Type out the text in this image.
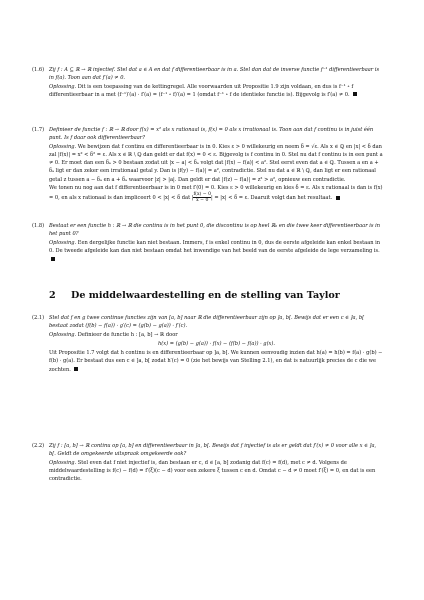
(1.6) Zij f : A ⊆ ℝ → ℝ injectief. Stel dat a ∈ A en dat f differentieerbaar is in a. Stel dan dat de inverse functie f⁻¹ differentieerbaar is in f(a). Toon aan dat f′(a) ≠ 0.

Oplossing. Dit is een toepassing van de kettingregel. Alle voorwaarden uit Propositie 1.9 zijn voldaan, en dus is f⁻¹ ∘ f differentieerbaar in a met (f⁻¹)′(a) · f′(a) = (f⁻¹ ∘ f)′(a) = 1 (omdat f⁻¹ ∘ f de identieke functie is). Bijgevolg is f′(a) ≠ 0.

(1.7) Definieer de functie f : ℝ → ℝ door f(x) = x² als x rationaal is, f(x) = 0 als x irrationaal is. Toon aan dat f continu is in juist één punt. Is f daar ook differentieerbaar?

Oplossing. We bewijzen dat f continu en differentieerbaar is in 0. Kies ε > 0 willekeurig en neem δ = √ε. Als x ∈ ℚ en |x| < δ dan zal |f(x)| = x² < δ² = ε. Als x ∈ ℝ \ ℚ dan geldt er dat f(x) = 0 < ε. Bijgevolg is f continu in 0. Stel nu dat f continu is in een punt a ≠ 0. Er moet dan een δₐ > 0 bestaan zodat uit |x − a| < δₐ volgt dat |f(x) − f(a)| < a². Stel eerst even dat a ∈ ℚ. Tussen a en a + δₐ ligt er dan zeker een irrationaal getal y. Dan is |f(y) − f(a)| = a², contradictie. Stel nu dat a ∈ ℝ \ ℚ, dan ligt er een rationaal getal z tussen a − δₐ en a + δₐ waarvoor |z| > |a|. Dan geldt er dat |f(z) − f(a)| = z² > a², opnieuw een contradictie.
We tonen nu nog aan dat f differentieerbaar is in 0 met f′(0) = 0. Kies ε > 0 willekeurig en kies δ = ε. Als x rationaal is dan is f(x) = 0, en als x rationaal is dan impliceert 0 < |x| < δ dat | $\frac{f(x) - 0}{x - 0}$ | = |x| < δ = ε. Daaruit volgt dan het resultaat.

(1.8) Bestaat er een functie h : ℝ → ℝ die continu is in het punt 0, die discontinu is op heel ℝ₀ en die twee keer differentieerbaar is in het punt 0?

Oplossing. Een dergelijke functie kan niet bestaan. Immers, f is enkel continu in 0, dus de eerste afgeleide kan enkel bestaan in 0. De tweede afgeleide kan dan niet bestaan omdat het inwendige van het beeld van de eerste afgeleide de lege verzameling is.

2 De middelwaardestelling en de stelling van Taylor
(2.1) Stel dat f en g twee continue functies zijn van [a, b] naar ℝ die differentieerbaar zijn op ]a, b[. Bewijs dat er een c ∈ ]a, b[ bestaat zodat (f(b) − f(a)) · g′(c) = (g(b) − g(a)) · f′(c).

Oplossing. Definieer de functie h : [a, b] → ℝ door

h(x) = (g(b) − g(a)) · f(x) − (f(b) − f(a)) · g(x).

Uit Propositie 1.7 volgt dat h continu is en differentieerbaar op ]a, b[. We kunnen eenvoudig inzien dat h(a) = h(b) = f(a) · g(b) − f(b) · g(a). Er bestaat dus een c ∈ ]a, b[ zodat h′(c) = 0 (zie het bewijs van Stelling 2.1), en dat is natuurlijk precies de c die we zochten.

(2.2) Zij f : [a, b] → ℝ continu op [a, b] en differentieerbaar in ]a, b[. Bewijs dat f injectief is als er geldt dat f′(x) ≠ 0 voor alle x ∈ ]a, b[. Geldt de omgekeerde uitspraak omgekeerde ook?

Oplossing. Stel even dat f niet injectief is, dan bestaan er c, d ∈ [a, b] zodanig dat f(c) = f(d), met c ≠ d. Volgens de middelwaardestelling is f(c) − f(d) = f′(ξ)(c − d) voor een zekere ξ tussen c en d. Omdat c − d ≠ 0 moet f′(ξ) = 0, en dat is een contradictie.
